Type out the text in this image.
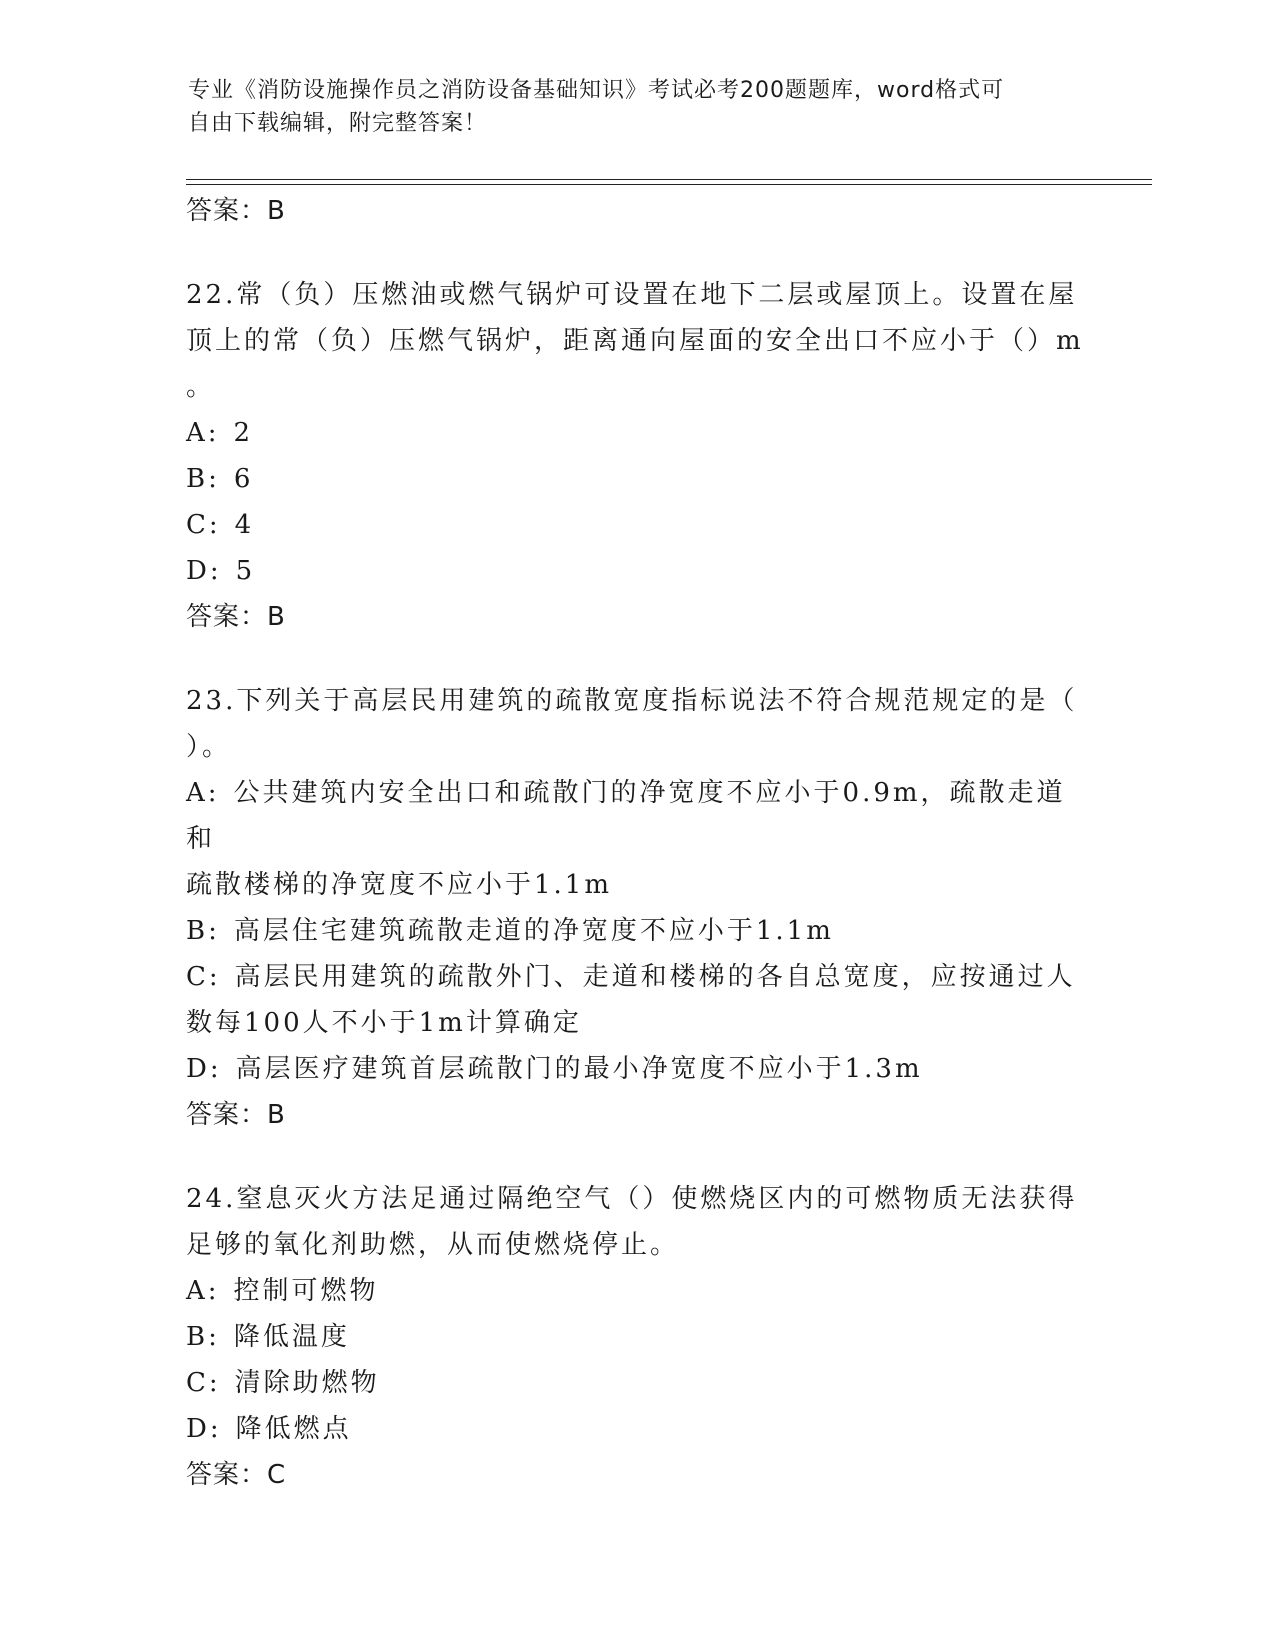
专业《消防设施操作员之消防设备基础知识》考试必考200题题库，word格式可
自由下载编辑，附完整答案！
答案：B
22.常（负）压燃油或燃气锅炉可设置在地下二层或屋顶上。设置在屋
顶上的常（负）压燃气锅炉，距离通向屋面的安全出口不应小于（）m
。
A: 2
B: 6
C: 4
D: 5
答案：B
23.下列关于高层民用建筑的疏散宽度指标说法不符合规范规定的是（
）。
A: 公共建筑内安全出口和疏散门的净宽度不应小于0.9m，疏散走道和
疏散楼梯的净宽度不应小于1.1m
B: 高层住宅建筑疏散走道的净宽度不应小于1.1m
C: 高层民用建筑的疏散外门、走道和楼梯的各自总宽度，应按通过人
数每100人不小于1m计算确定
D: 高层医疗建筑首层疏散门的最小净宽度不应小于1.3m
答案：B
24.窒息灭火方法足通过隔绝空气（）使燃烧区内的可燃物质无法获得
足够的氧化剂助燃，从而使燃烧停止。
A: 控制可燃物
B: 降低温度
C: 清除助燃物
D: 降低燃点
答案：C
